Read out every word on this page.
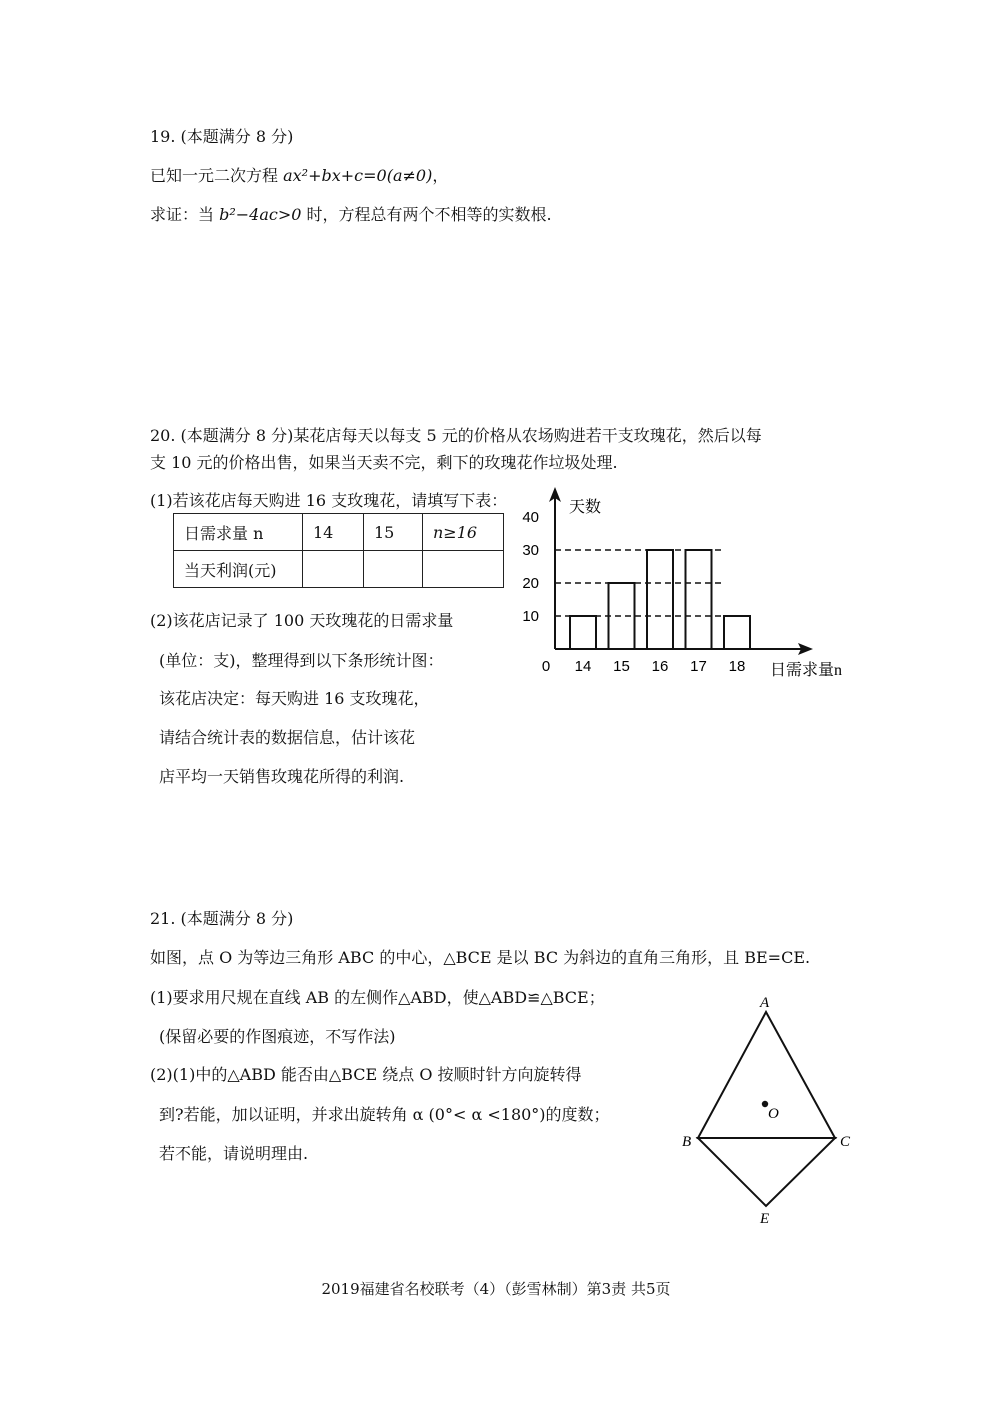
19. (本题满分 8 分)
已知一元二次方程 ax²+bx+c=0(a≠0)，
求证：当 b²−4ac>0 时，方程总有两个不相等的实数根.
20. (本题满分 8 分)某花店每天以每支 5 元的价格从农场购进若干支玫瑰花，然后以每
支 10 元的价格出售，如果当天卖不完，剩下的玫瑰花作垃圾处理.
(1)若该花店每天购进 16 支玫瑰花，请填写下表：
日需求量 n	14	15	n≥16
当天利润(元)			
(2)该花店记录了 100 天玫瑰花的日需求量
(单位：支)，整理得到以下条形统计图：
该花店决定：每天购进 16 支玫瑰花，
请结合统计表的数据信息，估计该花
店平均一天销售玫瑰花所得的利润.
14 15 16 17 18
10
20
30
40
0
天数
日需求量n
21. (本题满分 8 分)
如图，点 O 为等边三角形 ABC 的中心，△BCE 是以 BC 为斜边的直角三角形，且 BE=CE.
(1)要求用尺规在直线 AB 的左侧作△ABD，使△ABD≌△BCE；
(保留必要的作图痕迹，不写作法)
(2)(1)中的△ABD 能否由△BCE 绕点 O 按顺时针方向旋转得
到?若能，加以证明，并求出旋转角 α (0°< α <180°)的度数；
若不能，请说明理由.
A
B	C
E
O
2019福建省名校联考（4）（彭雪林制）第3责 共5页
